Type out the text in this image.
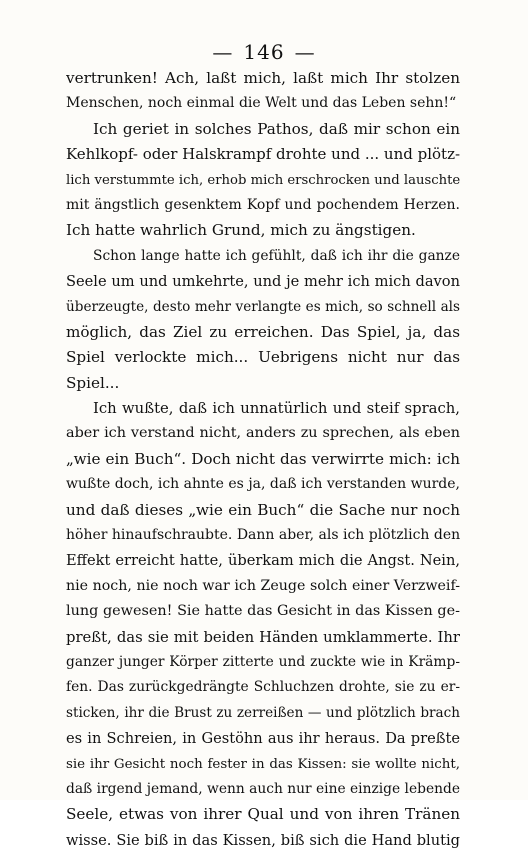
— 146 —
vertrunken! Ach, laßt mich, laßt mich Ihr stolzen
Menschen, noch einmal die Welt und das Leben sehn!“
Ich geriet in solches Pathos, daß mir schon ein
Kehlkopf- oder Halskrampf drohte und ... und plötz-
lich verstummte ich, erhob mich erschrocken und lauschte
mit ängstlich gesenktem Kopf und pochendem Herzen.
Ich hatte wahrlich Grund, mich zu ängstigen.
Schon lange hatte ich gefühlt, daß ich ihr die ganze
Seele um und umkehrte, und je mehr ich mich davon
überzeugte, desto mehr verlangte es mich, so schnell als
möglich, das Ziel zu erreichen. Das Spiel, ja, das
Spiel verlockte mich... Uebrigens nicht nur das
Spiel...
Ich wußte, daß ich unnatürlich und steif sprach,
aber ich verstand nicht, anders zu sprechen, als eben
„wie ein Buch“. Doch nicht das verwirrte mich: ich
wußte doch, ich ahnte es ja, daß ich verstanden wurde,
und daß dieses „wie ein Buch“ die Sache nur noch
höher hinaufschraubte. Dann aber, als ich plötzlich den
Effekt erreicht hatte, überkam mich die Angst. Nein,
nie noch, nie noch war ich Zeuge solch einer Verzweif-
lung gewesen! Sie hatte das Gesicht in das Kissen ge-
preßt, das sie mit beiden Händen umklammerte. Ihr
ganzer junger Körper zitterte und zuckte wie in Krämp-
fen. Das zurückgedrängte Schluchzen drohte, sie zu er-
sticken, ihr die Brust zu zerreißen — und plötzlich brach
es in Schreien, in Gestöhn aus ihr heraus. Da preßte
sie ihr Gesicht noch fester in das Kissen: sie wollte nicht,
daß irgend jemand, wenn auch nur eine einzige lebende
Seele, etwas von ihrer Qual und von ihren Tränen
wisse. Sie biß in das Kissen, biß sich die Hand blutig
